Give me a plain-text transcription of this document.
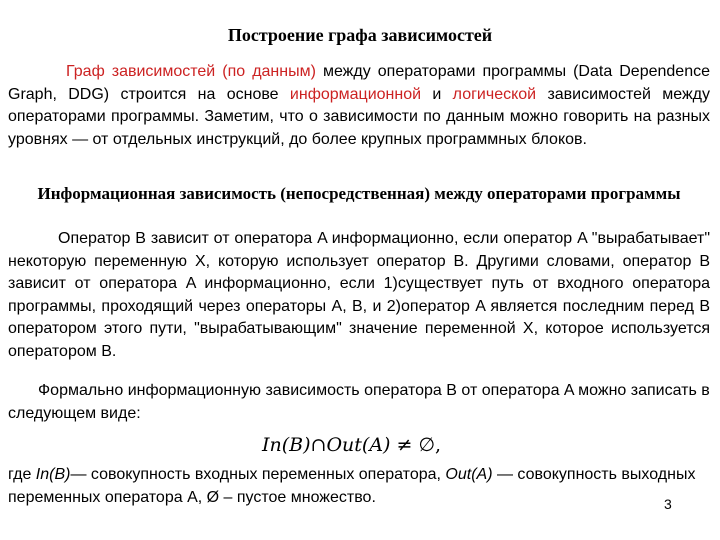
Построение графа зависимостей
Граф зависимостей (по данным) между операторами программы (Data Dependence Graph, DDG) строится на основе информационной и логической зависимостей между операторами программы. Заметим, что о зависимости по данным можно говорить на разных уровнях — от отдельных инструкций, до более крупных программных блоков.
Информационная зависимость (непосредственная) между операторами программы
Оператор B зависит от оператора A информационно, если оператор A "вырабатывает" некоторую переменную X, которую использует оператор B. Другими словами, оператор B зависит от оператора A информационно, если 1)существует путь от входного оператора программы, проходящий через операторы A, B, и 2)оператор A является последним перед B оператором этого пути, "вырабатывающим" значение переменной X, которое используется оператором B.
Формально информационную зависимость оператора B от оператора A можно записать в следующем виде:
In(B)∩Out(A) ≠ ∅,
где In(B)— совокупность входных переменных оператора, Out(A) — совокупность выходных переменных оператора A, Ø – пустое множество.	3
